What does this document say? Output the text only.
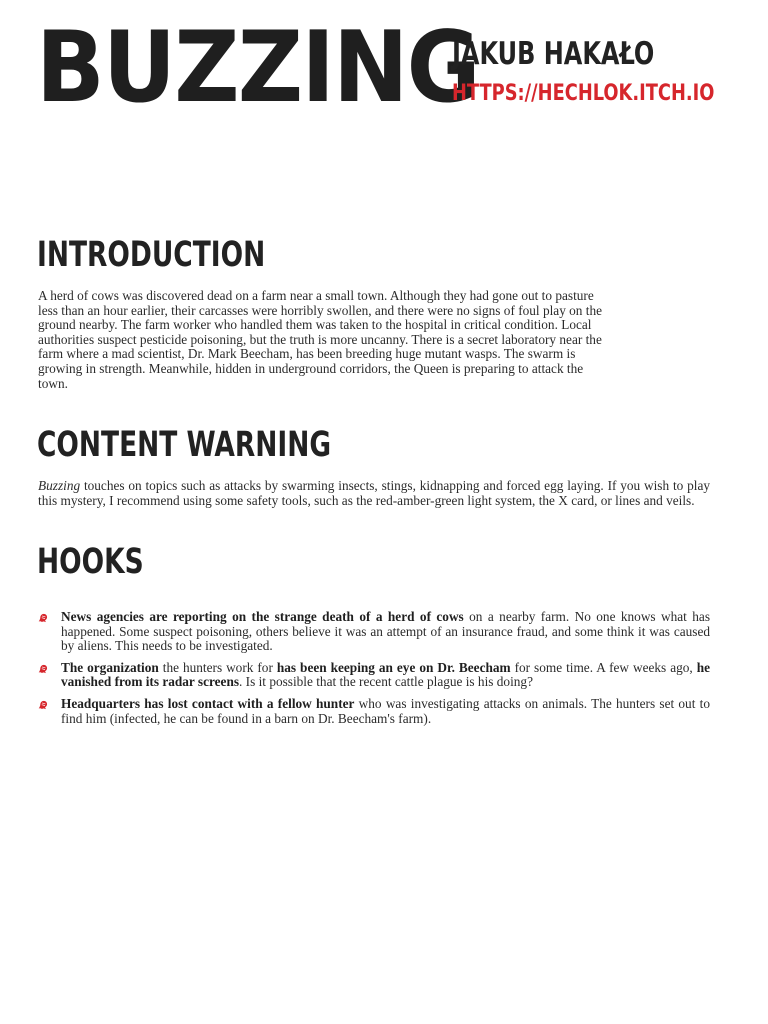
BUZZING
JAKUB HAKAŁO
HTTPS://HECHLOK.ITCH.IO
INTRODUCTION

A herd of cows was discovered dead on a farm near a small town. Although they had gone out to pasture less than an hour earlier, their carcasses were horribly swollen, and there were no signs of foul play on the ground nearby. The farm worker who handled them was taken to the hospital in critical condition. Local authorities suspect pesticide poisoning, but the truth is more uncanny. There is a secret laboratory near the farm where a mad scientist, Dr. Mark Beecham, has been breeding huge mutant wasps. The swarm is growing in strength. Meanwhile, hidden in underground corridors, the Queen is preparing to attack the town.

CONTENT WARNING

Buzzing touches on topics such as attacks by swarming insects, stings, kidnapping and forced egg laying. If you wish to play this mystery, I recommend using some safety tools, such as the red-amber-green light system, the X card, or lines and veils.

HOOKS
News agencies are reporting on the strange death of a herd of cows on a nearby farm. No one knows what has happened. Some suspect poisoning, others believe it was an attempt of an insurance fraud, and some think it was caused by aliens. This needs to be investigated.
The organization the hunters work for has been keeping an eye on Dr. Beecham for some time. A few weeks ago, he vanished from its radar screens. Is it possible that the recent cattle plague is his doing?
Headquarters has lost contact with a fellow hunter who was investigating attacks on animals. The hunters set out to find him (infected, he can be found in a barn on Dr. Beecham's farm).
